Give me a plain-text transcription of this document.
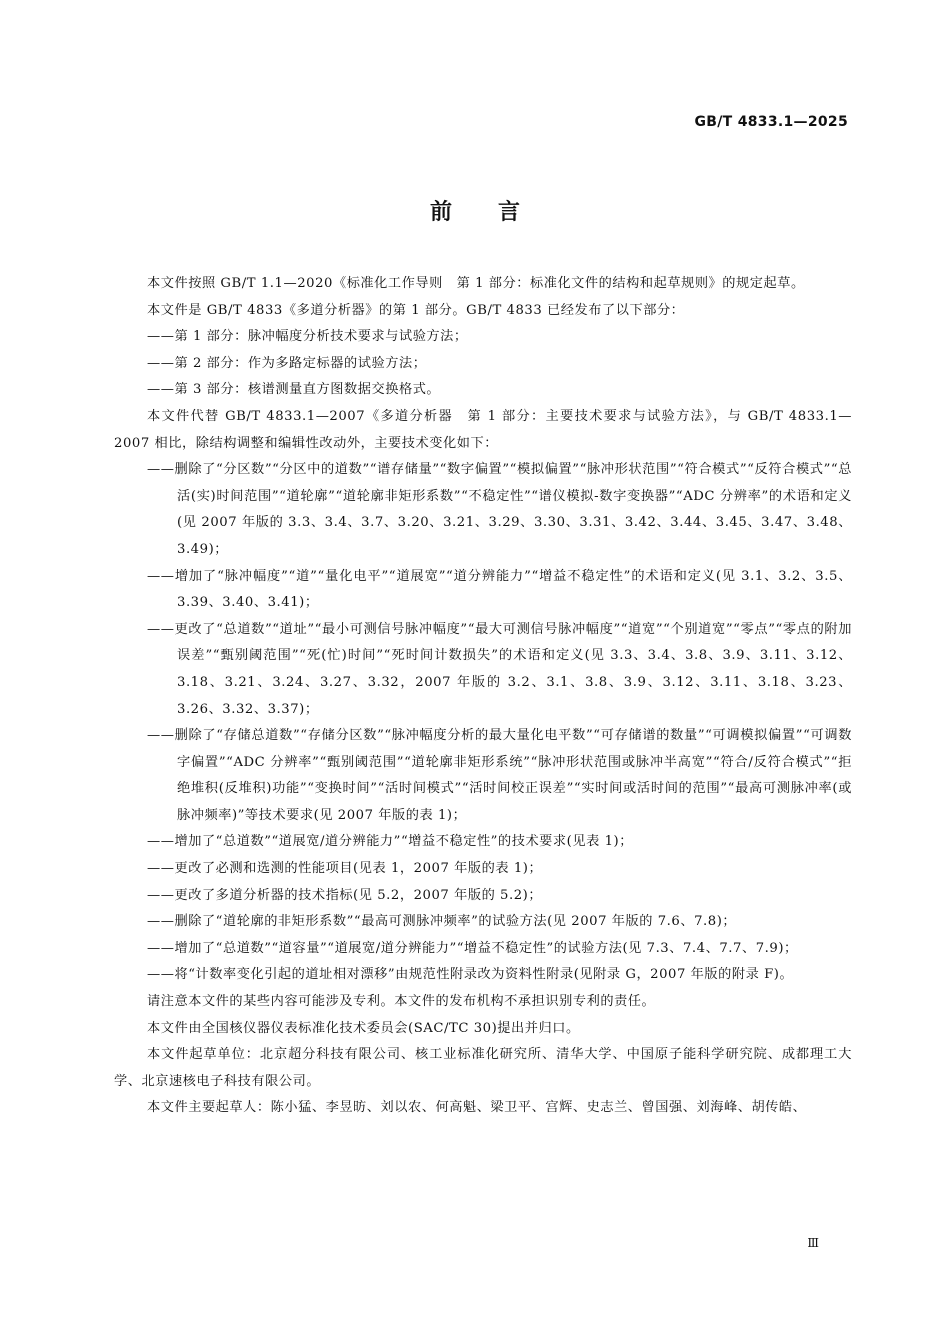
GB/T 4833.1—2025
前言

本文件按照 GB/T 1.1—2020《标准化工作导则　第 1 部分：标准化文件的结构和起草规则》的规定起草。

本文件是 GB/T 4833《多道分析器》的第 1 部分。GB/T 4833 已经发布了以下部分：

——第 1 部分：脉冲幅度分析技术要求与试验方法；

——第 2 部分：作为多路定标器的试验方法；

——第 3 部分：核谱测量直方图数据交换格式。

本文件代替 GB/T 4833.1—2007《多道分析器　第 1 部分：主要技术要求与试验方法》，与 GB/T 4833.1—2007 相比，除结构调整和编辑性改动外，主要技术变化如下：

——删除了“分区数”“分区中的道数”“谱存储量”“数字偏置”“模拟偏置”“脉冲形状范围”“符合模式”“反符合模式”“总活(实)时间范围”“道轮廓”“道轮廓非矩形系数”“不稳定性”“谱仪模拟-数字变换器”“ADC 分辨率”的术语和定义(见 2007 年版的 3.3、3.4、3.7、3.20、3.21、3.29、3.30、3.31、3.42、3.44、3.45、3.47、3.48、3.49)；

——增加了“脉冲幅度”“道”“量化电平”“道展宽”“道分辨能力”“增益不稳定性”的术语和定义(见 3.1、3.2、3.5、3.39、3.40、3.41)；

——更改了“总道数”“道址”“最小可测信号脉冲幅度”“最大可测信号脉冲幅度”“道宽”“个别道宽”“零点”“零点的附加误差”“甄别阈范围”“死(忙)时间”“死时间计数损失”的术语和定义(见 3.3、3.4、3.8、3.9、3.11、3.12、3.18、3.21、3.24、3.27、3.32，2007 年版的 3.2、3.1、3.8、3.9、3.12、3.11、3.18、3.23、3.26、3.32、3.37)；

——删除了“存储总道数”“存储分区数”“脉冲幅度分析的最大量化电平数”“可存储谱的数量”“可调模拟偏置”“可调数字偏置”“ADC 分辨率”“甄别阈范围”“道轮廓非矩形系统”“脉冲形状范围或脉冲半高宽”“符合/反符合模式”“拒绝堆积(反堆积)功能”“变换时间”“活时间模式”“活时间校正误差”“实时间或活时间的范围”“最高可测脉冲率(或脉冲频率)”等技术要求(见 2007 年版的表 1)；

——增加了“总道数”“道展宽/道分辨能力”“增益不稳定性”的技术要求(见表 1)；

——更改了必测和选测的性能项目(见表 1，2007 年版的表 1)；

——更改了多道分析器的技术指标(见 5.2，2007 年版的 5.2)；

——删除了“道轮廓的非矩形系数”“最高可测脉冲频率”的试验方法(见 2007 年版的 7.6、7.8)；

——增加了“总道数”“道容量”“道展宽/道分辨能力”“增益不稳定性”的试验方法(见 7.3、7.4、7.7、7.9)；

——将“计数率变化引起的道址相对漂移”由规范性附录改为资料性附录(见附录 G，2007 年版的附录 F)。

请注意本文件的某些内容可能涉及专利。本文件的发布机构不承担识别专利的责任。

本文件由全国核仪器仪表标准化技术委员会(SAC/TC 30)提出并归口。

本文件起草单位：北京超分科技有限公司、核工业标准化研究所、清华大学、中国原子能科学研究院、成都理工大学、北京速核电子科技有限公司。

本文件主要起草人：陈小猛、李昱昉、刘以农、何高魁、梁卫平、宫辉、史志兰、曾国强、刘海峰、胡传皓、

Ⅲ
